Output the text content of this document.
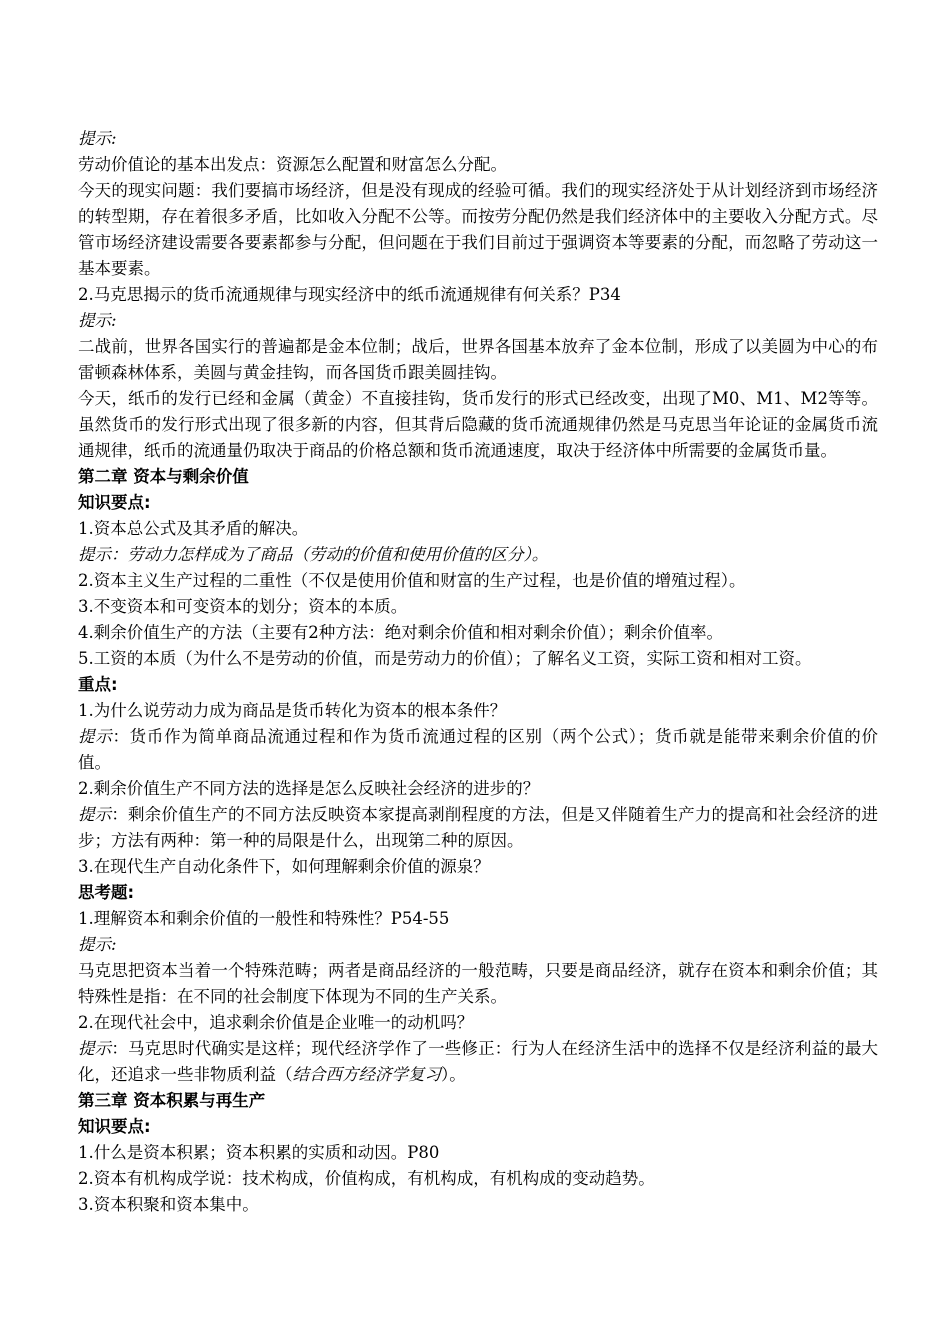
提示:

劳动价值论的基本出发点：资源怎么配置和财富怎么分配。

今天的现实问题：我们要搞市场经济，但是没有现成的经验可循。我们的现实经济处于从计划经济到市场经济的转型期，存在着很多矛盾，比如收入分配不公等。而按劳分配仍然是我们经济体中的主要收入分配方式。尽管市场经济建设需要各要素都参与分配，但问题在于我们目前过于强调资本等要素的分配，而忽略了劳动这一基本要素。

2.马克思揭示的货币流通规律与现实经济中的纸币流通规律有何关系？P34

提示:

二战前，世界各国实行的普遍都是金本位制；战后，世界各国基本放弃了金本位制，形成了以美圆为中心的布雷顿森林体系，美圆与黄金挂钩，而各国货币跟美圆挂钩。

今天，纸币的发行已经和金属（黄金）不直接挂钩，货币发行的形式已经改变，出现了M0、M1、M2等等。虽然货币的发行形式出现了很多新的内容，但其背后隐藏的货币流通规律仍然是马克思当年论证的金属货币流通规律，纸币的流通量仍取决于商品的价格总额和货币流通速度，取决于经济体中所需要的金属货币量。

第二章 资本与剩余价值

知识要点:

1.资本总公式及其矛盾的解决。

提示：劳动力怎样成为了商品（劳动的价值和使用价值的区分）。

2.资本主义生产过程的二重性（不仅是使用价值和财富的生产过程，也是价值的增殖过程）。

3.不变资本和可变资本的划分；资本的本质。

4.剩余价值生产的方法（主要有2种方法：绝对剩余价值和相对剩余价值）；剩余价值率。

5.工资的本质（为什么不是劳动的价值，而是劳动力的价值）；了解名义工资，实际工资和相对工资。

重点:

1.为什么说劳动力成为商品是货币转化为资本的根本条件？

提示：货币作为简单商品流通过程和作为货币流通过程的区别（两个公式）；货币就是能带来剩余价值的价值。

2.剩余价值生产不同方法的选择是怎么反映社会经济的进步的？

提示：剩余价值生产的不同方法反映资本家提高剥削程度的方法，但是又伴随着生产力的提高和社会经济的进步；方法有两种：第一种的局限是什么，出现第二种的原因。

3.在现代生产自动化条件下，如何理解剩余价值的源泉？

思考题:

1.理解资本和剩余价值的一般性和特殊性？P54-55

提示:

马克思把资本当着一个特殊范畴；两者是商品经济的一般范畴，只要是商品经济，就存在资本和剩余价值；其特殊性是指：在不同的社会制度下体现为不同的生产关系。

2.在现代社会中，追求剩余价值是企业唯一的动机吗？

提示：马克思时代确实是这样；现代经济学作了一些修正：行为人在经济生活中的选择不仅是经济利益的最大化，还追求一些非物质利益（结合西方经济学复习）。

第三章 资本积累与再生产

知识要点:

1.什么是资本积累；资本积累的实质和动因。P80

2.资本有机构成学说：技术构成，价值构成，有机构成，有机构成的变动趋势。

3.资本积聚和资本集中。
